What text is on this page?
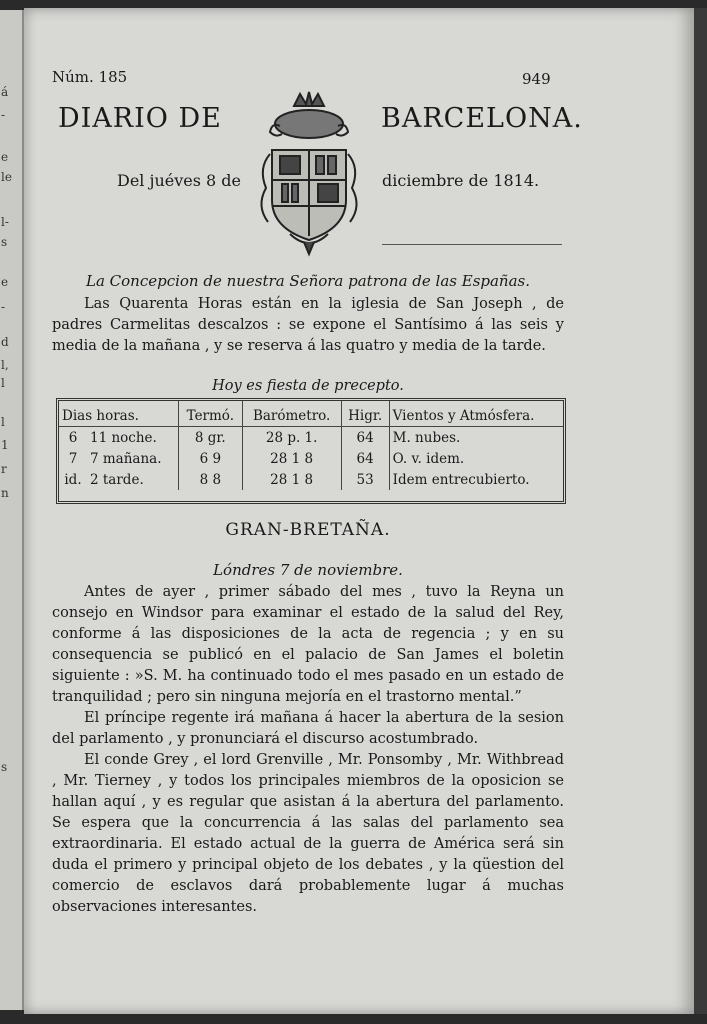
á
-
e
le
l-
s
e
-
d
l,
l
l
1
r
n
s
Núm. 185	949
DIARIO DE	BARCELONA.
Del juéves 8 de	diciembre de 1814.
La Concepcion de nuestra Señora patrona de las Españas.
Las Quarenta Horas están en la iglesia de San Joseph , de padres Carmelitas descalzos : se expone el Santísimo á las seis y media de la mañana , y se reserva á las quatro y media de la tarde.
Hoy es fiesta de precepto.
Dias horas.		Termó.	Barómetro.	Higr.	Vientos y Atmósfera.
6	11 noche.	8 gr.	28 p. 1.	64	M. nubes.
7	7 mañana.	6 9	28 1 8	64	O. v. idem.
id.	2 tarde.	8 8	28 1 8	53	Idem entrecubierto.
GRAN-BRETAÑA.
Lóndres 7 de noviembre.
Antes de ayer , primer sábado del mes , tuvo la Reyna un consejo en Windsor para examinar el estado de la salud del Rey, conforme á las disposiciones de la acta de regencia ; y en su consequencia se publicó en el palacio de San James el boletin siguiente : »S. M. ha continuado todo el mes pasado en un estado de tranquilidad ; pero sin ninguna mejoría en el trastorno mental.”
El príncipe regente irá mañana á hacer la abertura de la sesion del parlamento , y pronunciará el discurso acostumbrado.
El conde Grey , el lord Grenville , Mr. Ponsomby , Mr. Withbread , Mr. Tierney , y todos los principales miembros de la oposicion se hallan aquí , y es regular que asistan á la abertura del parlamento. Se espera que la concurrencia á las salas del parlamento sea extraordinaria. El estado actual de la guerra de América será sin duda el primero y principal objeto de los debates , y la qüestion del comercio de esclavos dará probablemente lugar á muchas observaciones interesantes.
